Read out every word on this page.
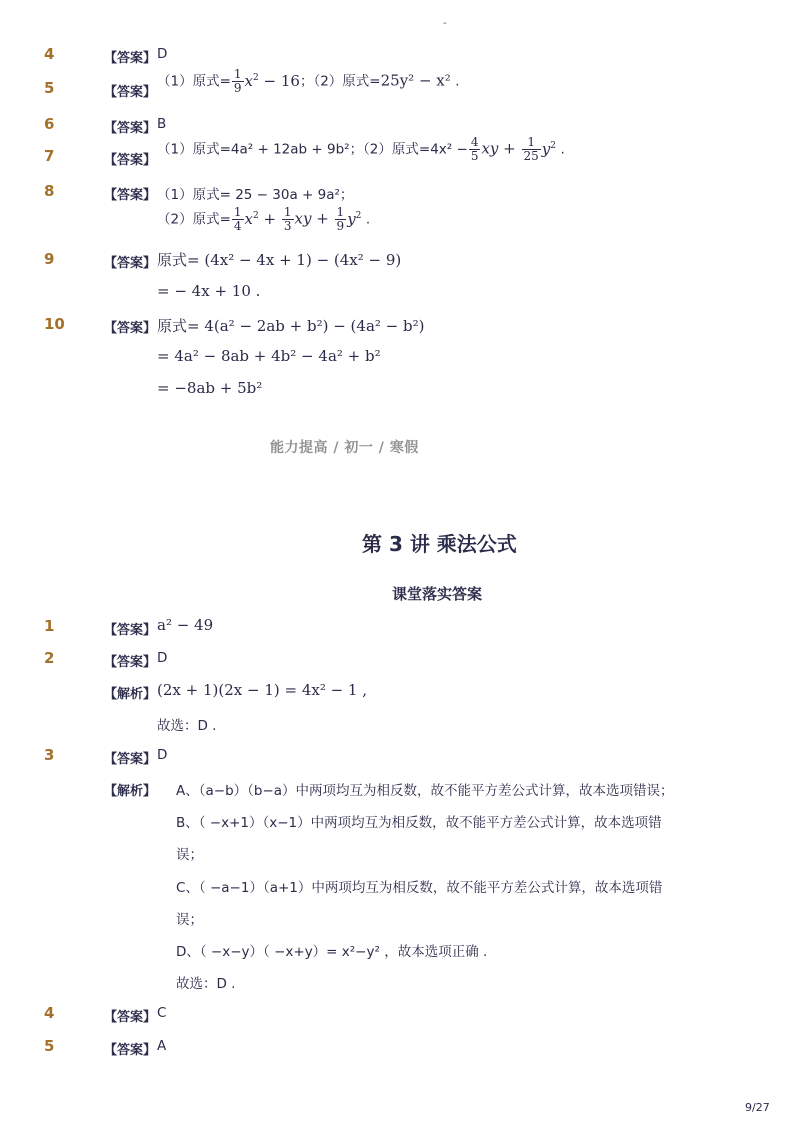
-
4	【答案】 D
5	【答案】
（1）原式= $\frac{1}{9} x^2 - 16$；（2）原式=25y² − x² .
6	【答案】 B
7	【答案】
（1）原式=4a² + 12ab + 9b²；（2）原式$=4x^2 - \frac{4}{5}$ xy + $\frac{1}{25} y^2$ .
8	【答案】 （1）原式= 25 − 30a + 9a²；
（2）原式= $\frac{1}{4} x^2 + \frac{1}{3}$ xy + $\frac{1}{9} y^2$ .
9	【答案】 原式= (4x² − 4x + 1) − (4x² − 9)
= − 4x + 10 .
10	【答案】 原式= 4(a² − 2ab + b²) − (4a² − b²)
= 4a² − 8ab + 4b² − 4a² + b²
= −8ab + 5b²
能力提高 / 初一 / 寒假
第 3 讲 乘法公式
课堂落实答案
1	【答案】 a² − 49
2	【答案】 D
【解析】 (2x + 1)(2x − 1) = 4x² − 1 ,
故选：D .
3	【答案】 D
【解析】 A、（a−b）（b−a）中两项均互为相反数，故不能平方差公式计算，故本选项错误；
B、（ −x+1）（x−1）中两项均互为相反数，故不能平方差公式计算，故本选项错
误；
C、（ −a−1）（a+1）中两项均互为相反数，故不能平方差公式计算，故本选项错
误；
D、（ −x−y）（ −x+y）= x²−y² ，故本选项正确 .
故选：D .
4	【答案】 C
5	【答案】 A
9/27
